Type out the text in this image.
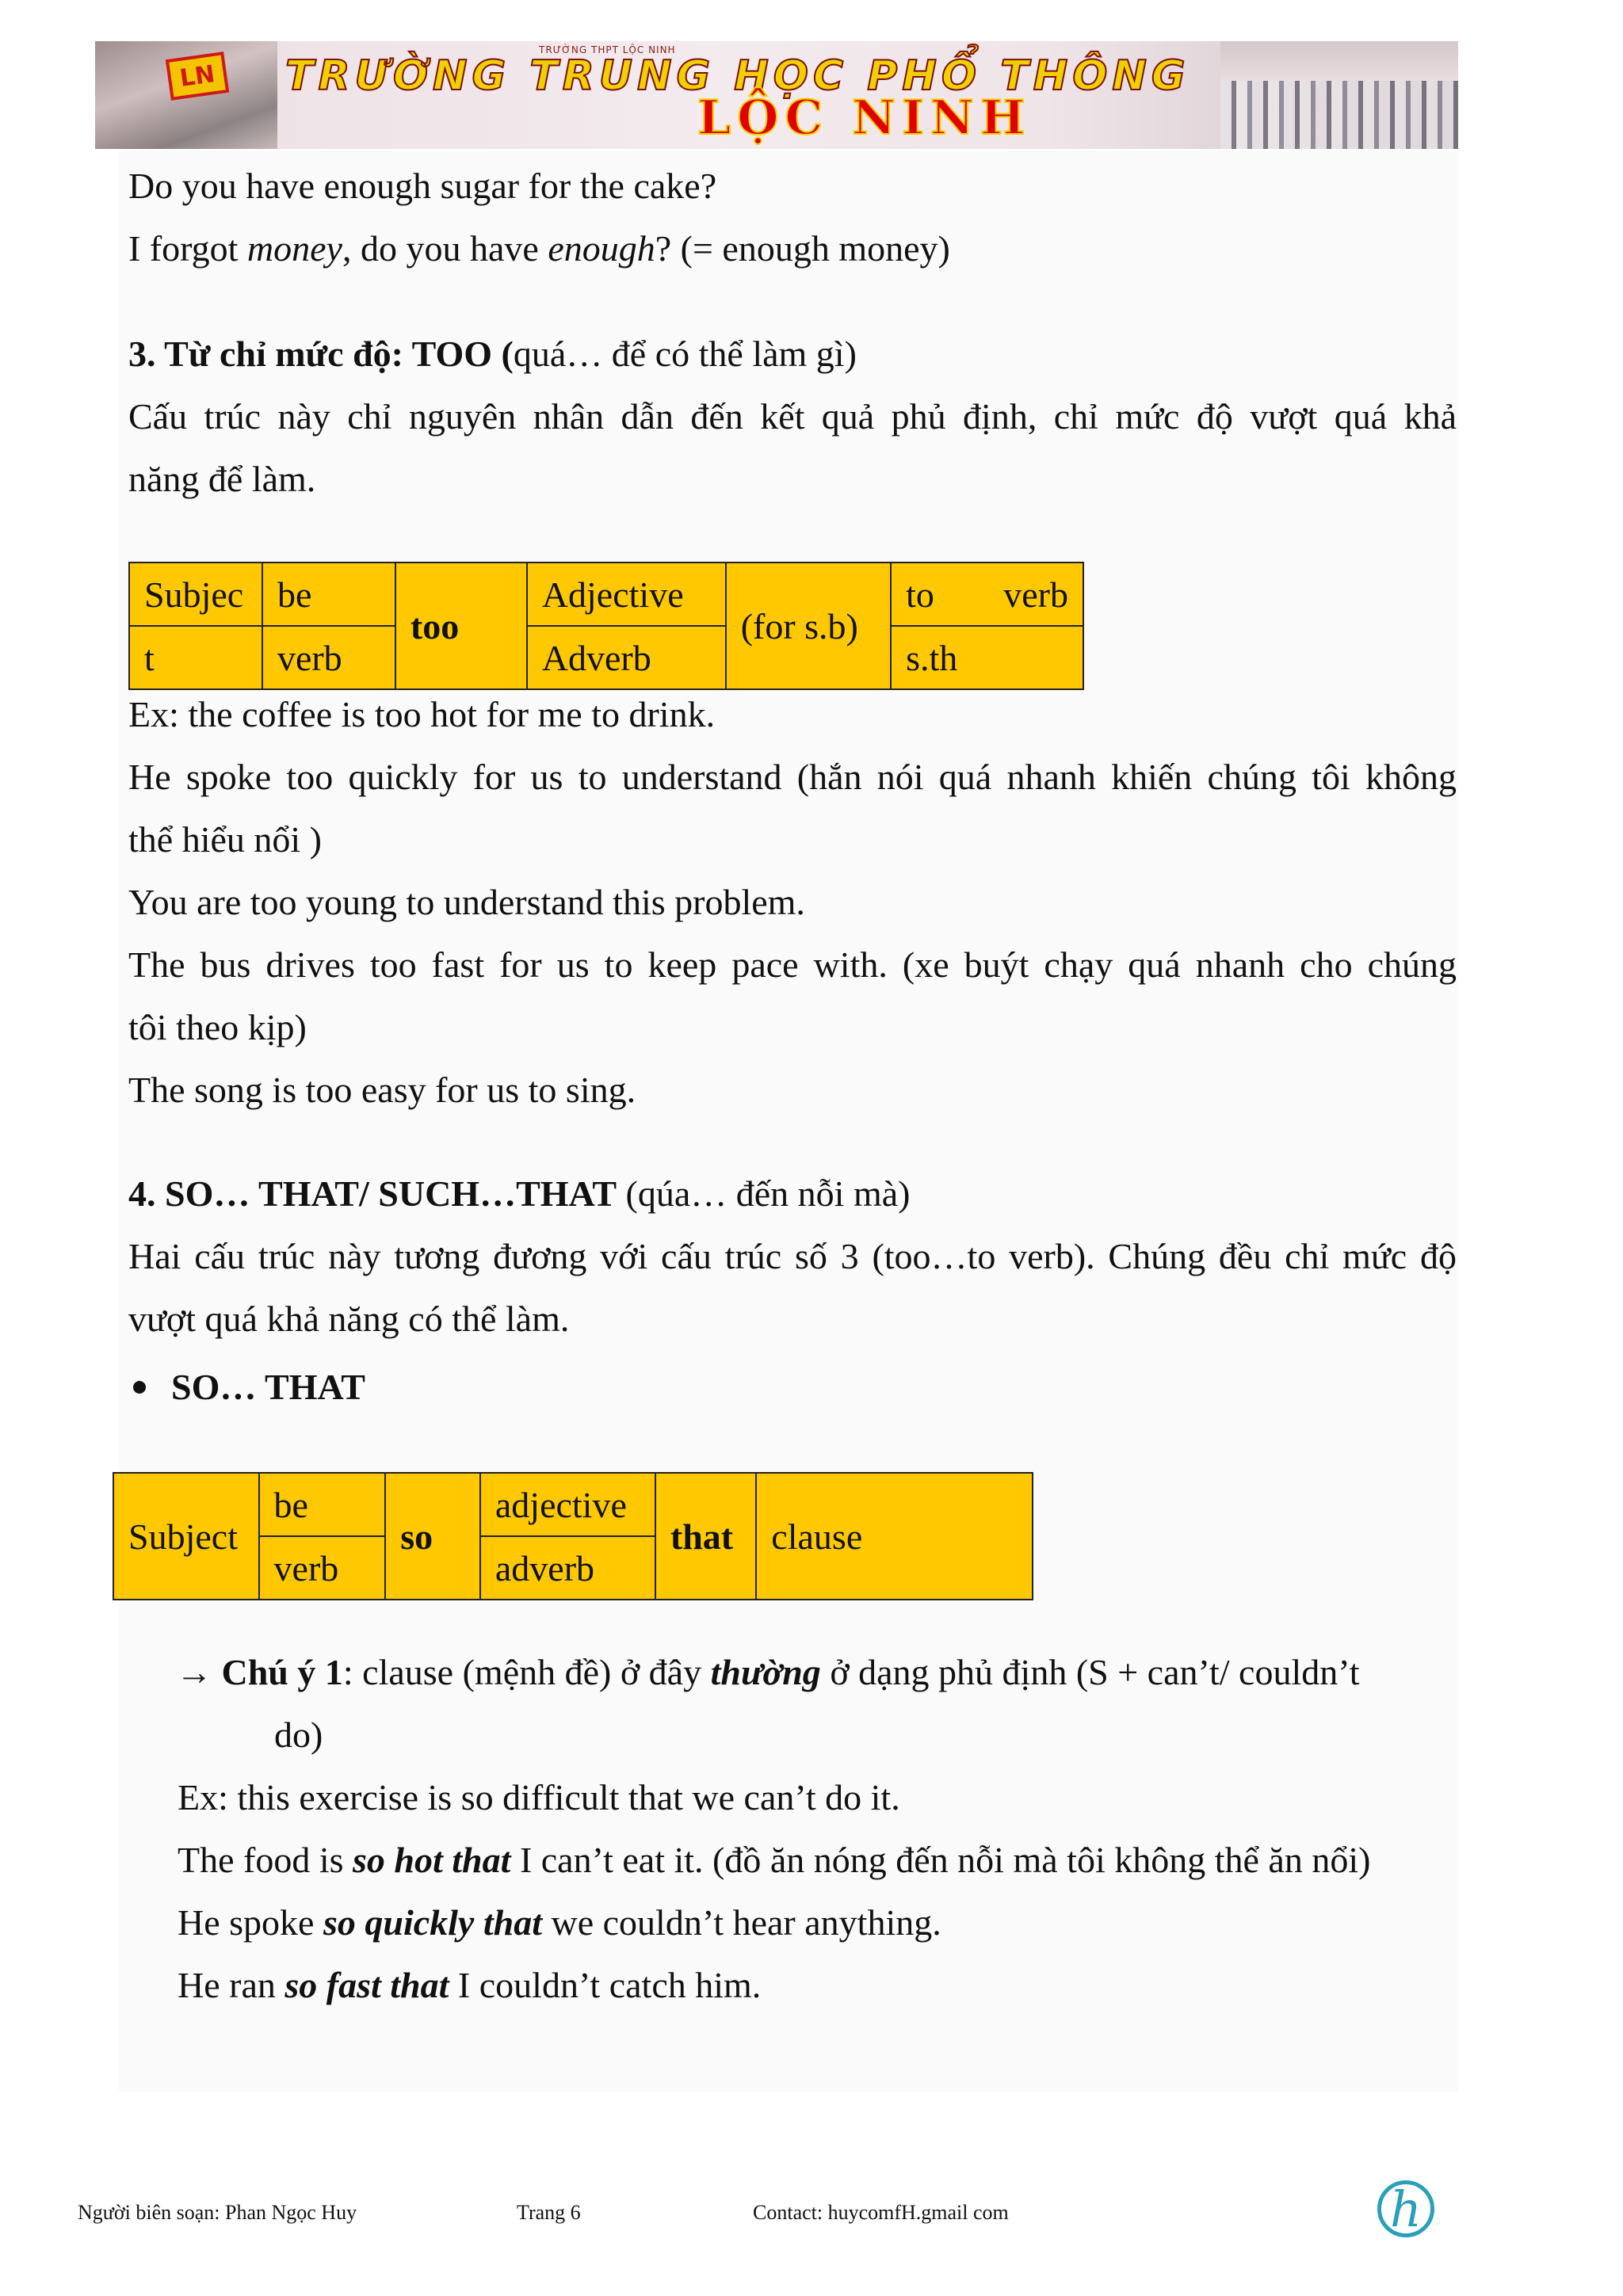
LN
TRƯỜNG THPT LỘC NINH
TRƯỜNG TRUNG HỌC PHỔ THÔNG
LỘC NINH
Do you have enough sugar for the cake?
I forgot money, do you have enough? (= enough money)
3. Từ chỉ mức độ: TOO (quá… để có thể làm gì)
Cấu trúc này chỉ nguyên nhân dẫn đến kết quả phủ định, chỉ mức độ vượt quá khả
năng để làm.
Subjec	be	too	Adjective	(for s.b)	to verb

t	verb		Adverb		s.th
Ex: the coffee is too hot for me to drink.
He spoke too quickly for us to understand (hắn nói quá nhanh khiến chúng tôi không
thể hiểu nổi )
You are too young to understand this problem.
The bus drives too fast for us to keep pace with. (xe buýt chạy quá nhanh cho chúng
tôi theo kịp)
The song is too easy for us to sing.
4. SO… THAT/ SUCH…THAT (qúa… đến nỗi mà)
Hai cấu trúc này tương đương với cấu trúc số 3 (too…to verb). Chúng đều chỉ mức độ
vượt quá khả năng có thể làm.
SO… THAT
Subject	be	so	adjective	that	clause
	verb		adverb		
→ Chú ý 1: clause (mệnh đề) ở đây thường ở dạng phủ định (S + can’t/ couldn’t
do)
Ex: this exercise is so difficult that we can’t do it.
The food is so hot that I can’t eat it. (đồ ăn nóng đến nỗi mà tôi không thể ăn nổi)
He spoke so quickly that we couldn’t hear anything.
He ran so fast that I couldn’t catch him.
Người biên soạn: Phan Ngọc Huy	Trang 6	Contact: huycomfH.gmail com	h
